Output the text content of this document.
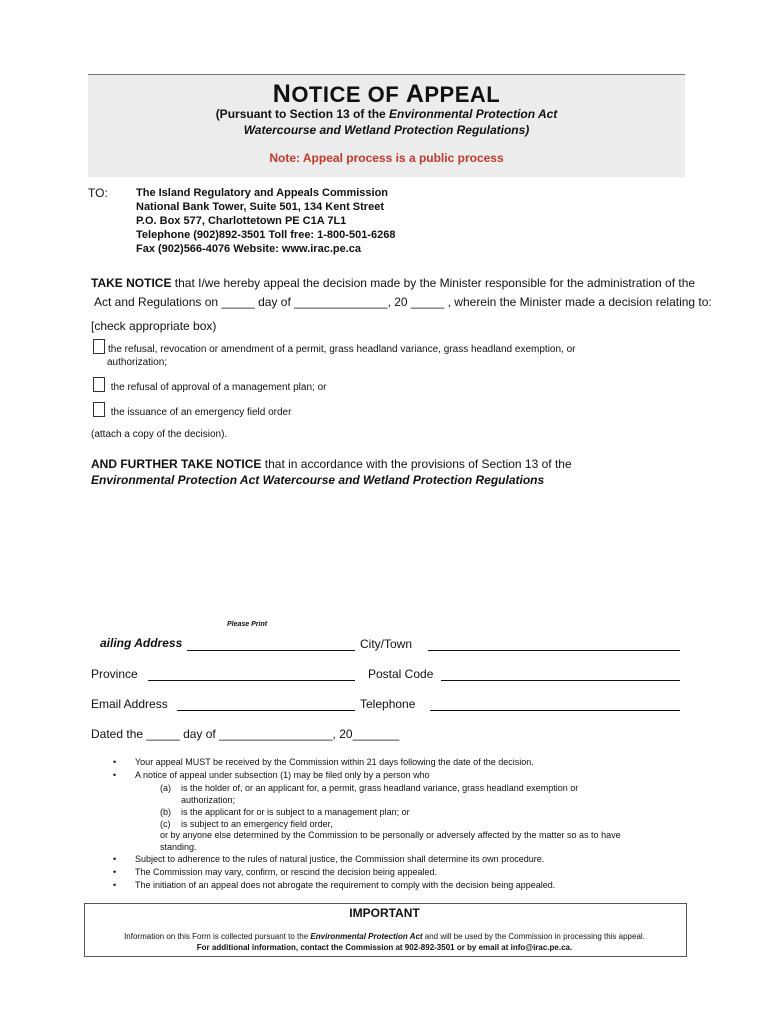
NOTICE OF APPEAL
(Pursuant to Section 13 of the Environmental Protection Act
Watercourse and Wetland Protection Regulations)
Note: Appeal process is a public process
TO:	The Island Regulatory and Appeals Commission
National Bank Tower, Suite 501, 134 Kent Street
P.O. Box 577, Charlottetown PE C1A 7L1
Telephone (902)892-3501 Toll free: 1-800-501-6268
Fax (902)566-4076 Website: www.irac.pe.ca
TAKE NOTICE that I/we hereby appeal the decision made by the Minister responsible for the administration of the
Act and Regulations on _____ day of ______________, 20 _____ , wherein the Minister made a decision relating to:
[check appropriate box)
the refusal, revocation or amendment of a permit, grass headland variance, grass headland exemption, or
authorization;
the refusal of approval of a management plan; or
the issuance of an emergency field order
(attach a copy of the decision).
AND FURTHER TAKE NOTICE that in accordance with the provisions of Section 13 of the
Environmental Protection Act Watercourse and Wetland Protection Regulations
Please Print
ailing Address	City/Town
Province	Postal Code
Email Address	Telephone
Dated the _____ day of _________________, 20_______
• Your appeal MUST be received by the Commission within 21 days following the date of the decision.
• A notice of appeal under subsection (1) may be filed only by a person who
(a) is the holder of, or an applicant for, a permit, grass headland variance, grass headland exemption or
authorization;
(b) is the applicant for or is subject to a management plan; or
(c) is subject to an emergency field order,
or by anyone else determined by the Commission to be personally or adversely affected by the matter so as to have
standing.
• Subject to adherence to the rules of natural justice, the Commission shall determine its own procedure.
• The Commission may vary, confirm, or rescind the decision being appealed.
• The initiation of an appeal does not abrogate the requirement to comply with the decision being appealed.
IMPORTANT
Information on this Form is collected pursuant to the Environmental Protection Act and will be used by the Commission in processing this appeal.
For additional information, contact the Commission at 902-892-3501 or by email at info@irac.pe.ca.
